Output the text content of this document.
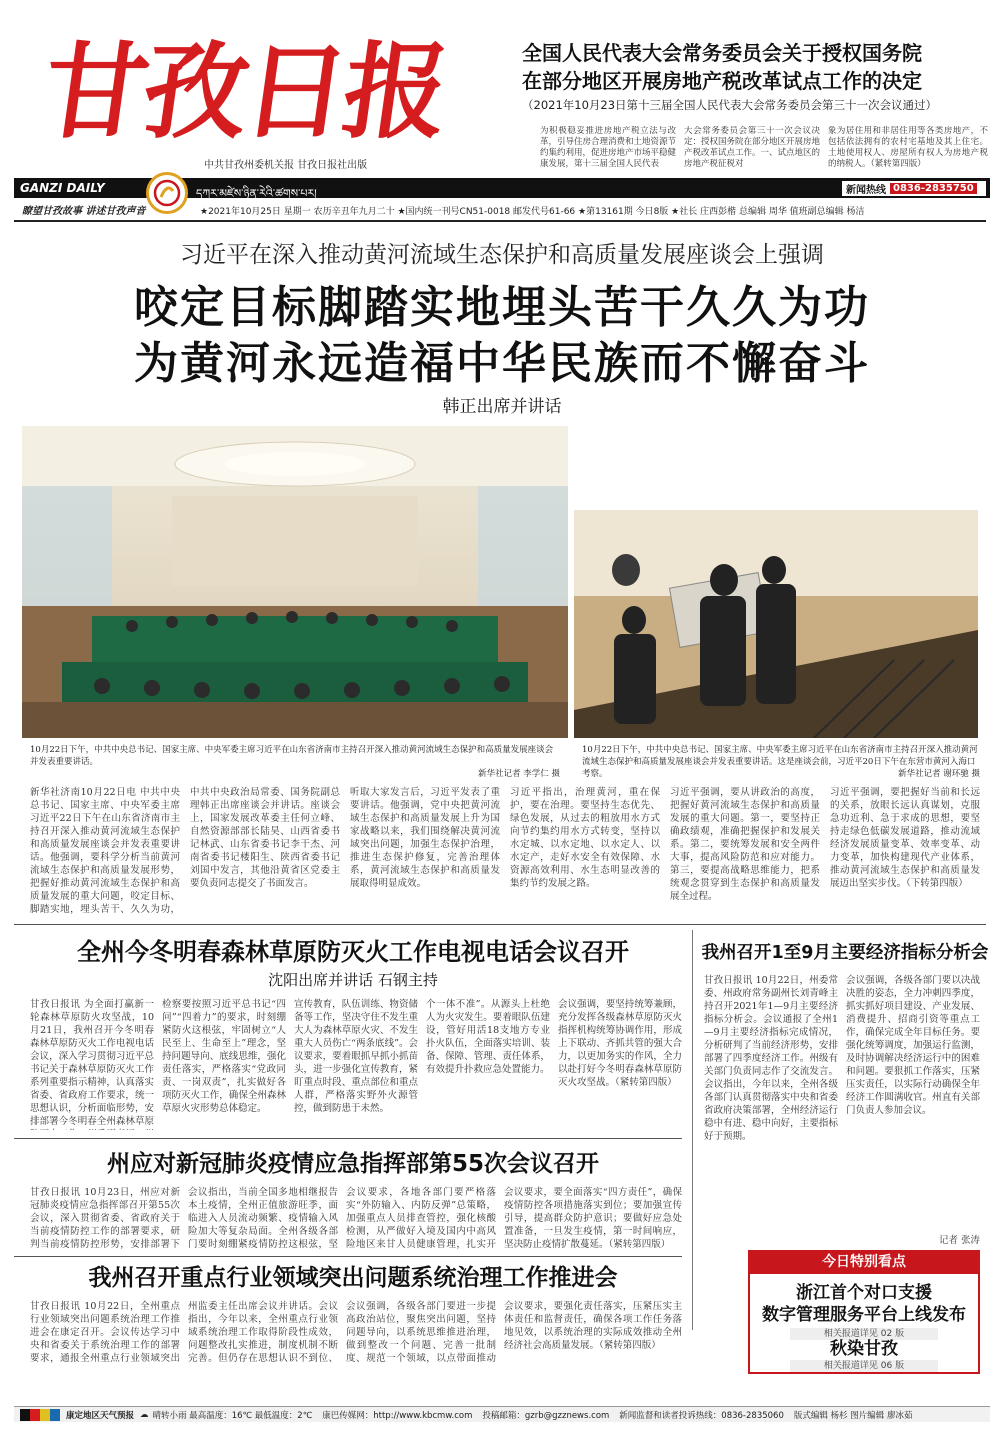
甘孜日报
中共甘孜州委机关报 甘孜日报社出版
全国人民代表大会常务委员会关于授权国务院
在部分地区开展房地产税改革试点工作的决定
（2021年10月23日第十三届全国人民代表大会常务委员会第三十一次会议通过）
为积极稳妥推进房地产税立法与改革，引导住房合理消费和土地资源节约集约利用，促进房地产市场平稳健康发展，第十三届全国人民代表
大会常务委员会第三十一次会议决定：授权国务院在部分地区开展房地产税改革试点工作。一、试点地区的房地产税征税对
象为居住用和非居住用等各类房地产，不包括依法拥有的农村宅基地及其上住宅。土地使用权人、房屋所有权人为房地产税的纳税人。（紧转第四版）
GANZI DAILY	དཀར་མཛེས་ཉིན་རེའི་ཚགས་པར།	新闻热线 0836-2835750
瞭望甘孜故事 讲述甘孜声音	★2021年10月25日 星期一 农历辛丑年九月二十 ★国内统一刊号CN51-0018 邮发代号61-66 ★第13161期 今日8版 ★社长 庄西彭楷 总编辑 周华 值班副总编辑 杨洁
习近平在深入推动黄河流域生态保护和高质量发展座谈会上强调
咬定目标脚踏实地埋头苦干久久为功
为黄河永远造福中华民族而不懈奋斗
韩正出席并讲话
10月22日下午，中共中央总书记、国家主席、中央军委主席习近平在山东省济南市主持召开深入推动黄河流域生态保护和高质量发展座谈会并发表重要讲话。
新华社记者 李学仁 摄
10月22日下午，中共中央总书记、国家主席、中央军委主席习近平在山东省济南市主持召开深入推动黄河流域生态保护和高质量发展座谈会并发表重要讲话。这是座谈会前，习近平20日下午在东营市黄河入海口考察。	新华社记者 谢环驰 摄
新华社济南10月22日电 中共中央总书记、国家主席、中央军委主席习近平22日下午在山东省济南市主持召开深入推动黄河流域生态保护和高质量发展座谈会并发表重要讲话。他强调，要科学分析当前黄河流域生态保护和高质量发展形势，把握好推动黄河流域生态保护和高质量发展的重大问题，咬定目标、脚踏实地，埋头苦干、久久为功，
中共中央政治局常委、国务院副总理韩正出席座谈会并讲话。座谈会上，国家发展改革委主任何立峰、自然资源部部长陆昊、山西省委书记林武、山东省委书记李干杰、河南省委书记楼阳生、陕西省委书记刘国中发言，其他沿黄省区党委主要负责同志提交了书面发言。
听取大家发言后，习近平发表了重要讲话。他强调，党中央把黄河流域生态保护和高质量发展上升为国家战略以来，我们围绕解决黄河流域突出问题，加强生态保护治理，推进生态保护修复，完善治理体系，黄河流域生态保护和高质量发展取得明显成效。
习近平指出，治理黄河，重在保护，要在治理。要坚持生态优先、绿色发展，从过去的粗放用水方式向节约集约用水方式转变，坚持以水定城、以水定地、以水定人、以水定产，走好水安全有效保障、水资源高效利用、水生态明显改善的集约节约发展之路。
习近平强调，要从讲政治的高度，把握好黄河流域生态保护和高质量发展的重大问题。第一，要坚持正确政绩观，准确把握保护和发展关系。第二，要统筹发展和安全两件大事，提高风险防范和应对能力。第三，要提高战略思维能力，把系统观念贯穿到生态保护和高质量发展全过程。
习近平强调，要把握好当前和长远的关系，放眼长远认真谋划，克服急功近利、急于求成的思想，要坚持走绿色低碳发展道路，推动流域经济发展质量变革、效率变革、动力变革，加快构建现代产业体系，推动黄河流域生态保护和高质量发展迈出坚实步伐。（下转第四版）
全州今冬明春森林草原防灭火工作电视电话会议召开
沈阳出席并讲话 石钢主持
甘孜日报讯 为全面打赢新一轮森林草原防火攻坚战，10月21日，我州召开今冬明春森林草原防灭火工作电视电话会议，深入学习贯彻习近平总书记关于森林草原防灭火工作系列重要指示精神，认真落实省委、省政府工作要求，统一思想认识，分析面临形势，安排部署今冬明春全州森林草原
检察要按照习近平总书记“四问”“四着力”的要求，时刻绷紧防火这根弦，牢固树立“人民至上、生命至上”理念，坚持问题导向、底线思维，强化责任落实，严格落实“党政同责、一岗双责”，扎实做好各项防灭火工作，确保全州森林草原火灾形势总体稳定。
宣传教育，队伍训练、物资储备等工作，坚决守住不发生重大人为森林草原火灾、不发生重大人员伤亡“两条底线”。会议要求，要着眼抓早抓小抓苗头，进一步强化宣传教育，紧盯重点时段、重点部位和重点人群，严格落实野外火源管控，做到防患于未然。
个一体不准”。从源头上杜绝人为火灾发生。要着眼队伍建设，管好用活18支地方专业扑火队伍，全面落实培训、装备、保障、管理、责任体系，有效提升扑救应急处置能力。
会议强调，要坚持统筹兼顾，充分发挥各级森林草原防灭火指挥机构统筹协调作用，形成上下联动、齐抓共管的强大合力，以更加务实的作风，全力以赴打好今冬明春森林草原防灭火攻坚战。（紧转第四版）
我州召开1至9月主要经济指标分析会
甘孜日报讯 10月22日，州委常委、州政府常务副州长刘青峰主持召开2021年1—9月主要经济指标分析会。会议通报了全州1—9月主要经济指标完成情况，分析研判了当前经济形势，安排部署了四季度经济工作。州级有关部门负责同志作了交流发言。会议指出，今年以来，全州各级各部门认真贯彻落实中央和省委省政府决策部署，全州经济运行稳中有进、稳中向好，主要指标好于预期。
会议强调，各级各部门要以决战决胜的姿态，全力冲刺四季度，抓实抓好项目建设、产业发展、消费提升、招商引资等重点工作，确保完成全年目标任务。要强化统筹调度，加强运行监测，及时协调解决经济运行中的困难和问题。要狠抓工作落实，压紧压实责任，以实际行动确保全年经济工作圆满收官。州直有关部门负责人参加会议。
记者 张涛
州应对新冠肺炎疫情应急指挥部第55次会议召开
甘孜日报讯 10月23日，州应对新冠肺炎疫情应急指挥部召开第55次会议，深入贯彻省委、省政府关于当前疫情防控工作的部署要求，研判当前疫情防控形势，安排部署下
会议指出，当前全国多地相继报告本土疫情，全州正值旅游旺季，面临进入人员流动频繁、疫情输入风险加大等复杂局面。全州各级各部门要时刻绷紧疫情防控这根弦，坚
会议要求，各地各部门要严格落实“外防输入、内防反弹”总策略，加强重点人员排查管控，强化核酸检测，从严做好入境及国内中高风险地区来甘人员健康管理，扎实开
会议要求，要全面落实“四方责任”，确保疫情防控各项措施落实到位；要加强宣传引导，提高群众防护意识；要做好应急处置准备，一旦发生疫情，第一时间响应，坚决防止疫情扩散蔓延。（紧转第四版）
我州召开重点行业领域突出问题系统治理工作推进会
甘孜日报讯 10月22日，全州重点行业领域突出问题系统治理工作推进会在康定召开。会议传达学习中央和省委关于系统治理工作的部署要求，通报全州重点行业领域突出
州监委主任出席会议并讲话。会议指出，今年以来，全州重点行业领域系统治理工作取得阶段性成效，问题整改扎实推进，制度机制不断完善。但仍存在思想认识不到位、
会议强调，各级各部门要进一步提高政治站位，聚焦突出问题，坚持问题导向，以系统思维推进治理，做到整改一个问题、完善一批制度、规范一个领域，以点带面推动
会议要求，要强化责任落实，压紧压实主体责任和监督责任，确保各项工作任务落地见效，以系统治理的实际成效推动全州经济社会高质量发展。（紧转第四版）
今日特别看点
浙江首个对口支援
数字管理服务平台上线发布
相关报道详见 02 版
秋染甘孜
相关报道详见 06 版
康定地区天气预报 ☁ 晴转小雨 最高温度：16℃ 最低温度：2℃ 康巴传媒网：http://www.kbcmw.com 投稿邮箱：gzrb@gzznews.com 新闻监督和读者投诉热线：0836-2835060 版式编辑 杨杉 图片编辑 廖冰茹
